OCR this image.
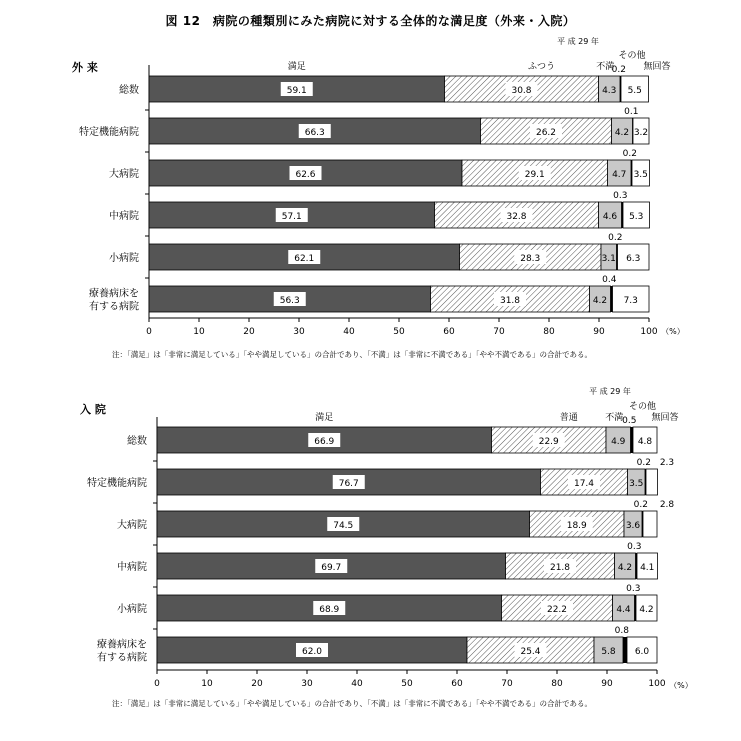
図 12　病院の種類別にみた病院に対する全体的な満足度（外来・入院）
外 来
平 成 29 年
0	10	20	30	40	50	60	70	80	90	100 （%）
総数
特定機能病院
大病院
中病院
小病院
療養病床を
有する病院
満足	ふつう	不満
その他
無回答
59.1
66.3
62.6
57.1
62.1
56.3
30.8
26.2
29.1
32.8
28.3
31.8
4.3
4.2
4.7
4.6
3.1
4.2
0.2
0.1
0.2
0.3
0.2
0.4
5.5
3.2
3.5
5.3
6.3
7.3
注：「満足」は「非常に満足している」「やや満足している」の合計であり、「不満」は「非常に不満である」「やや不満である」の合計である。
入 院
平 成 29 年
0	10	20	30	40	50	60	70	80	90	100 （%）
総数
特定機能病院
大病院
中病院
小病院
療養病床を
有する病院
満足	普通	不満
その他
無回答
66.9
76.7
74.5
69.7
68.9
62.0
22.9
17.4
18.9
21.8
22.2
25.4
4.9
3.5
3.6
4.2
4.4
5.8
0.5
0.2
0.2
0.3
0.3
0.8
4.8
2.3
2.8
4.1
4.2
6.0
注：「満足」は「非常に満足している」「やや満足している」の合計であり、「不満」は「非常に不満である」「やや不満である」の合計である。
